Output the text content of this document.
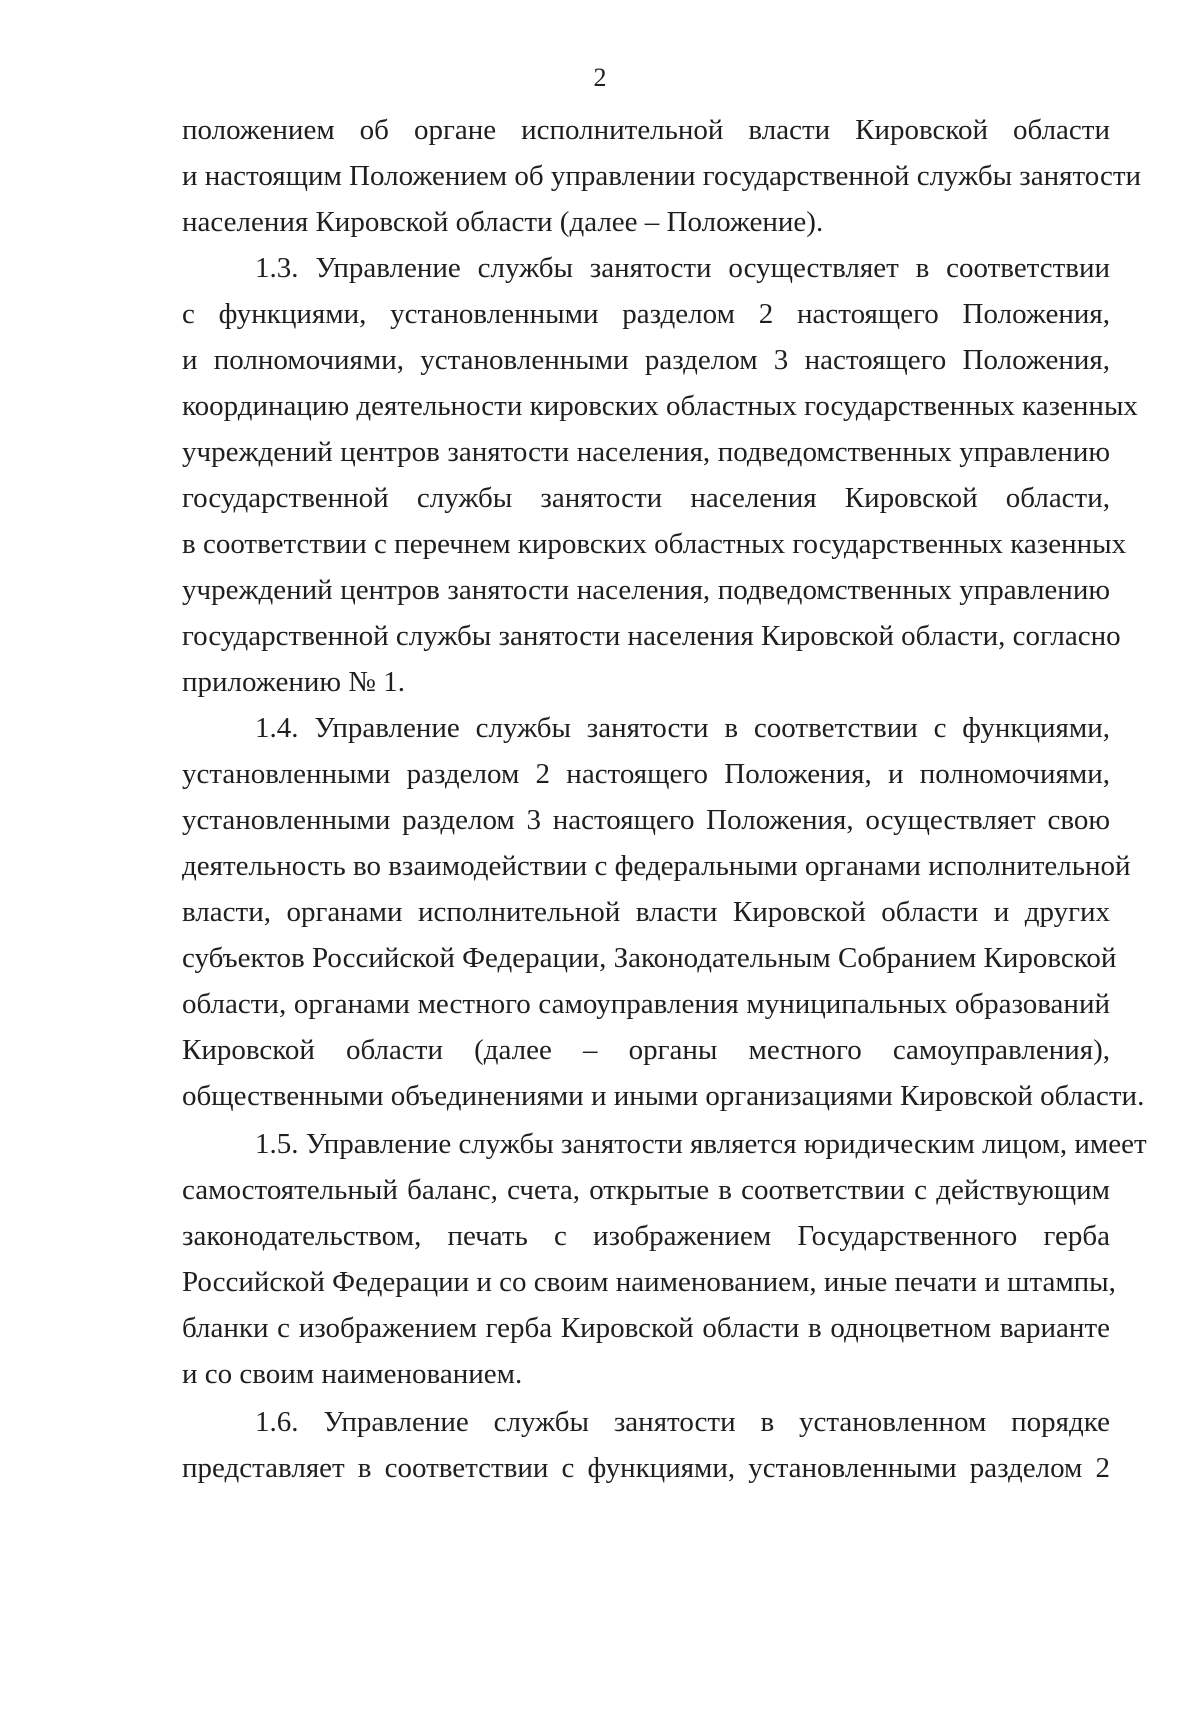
2
положением об органе исполнительной власти Кировской области
и настоящим Положением об управлении государственной службы занятости
населения Кировской области (далее – Положение).
1.3. Управление службы занятости осуществляет в соответствии
с функциями, установленными разделом 2 настоящего Положения,
и полномочиями, установленными разделом 3 настоящего Положения,
координацию деятельности кировских областных государственных казенных
учреждений центров занятости населения, подведомственных управлению
государственной службы занятости населения Кировской области,
в соответствии с перечнем кировских областных государственных казенных
учреждений центров занятости населения, подведомственных управлению
государственной службы занятости населения Кировской области, согласно
приложению № 1.
1.4. Управление службы занятости в соответствии с функциями,
установленными разделом 2 настоящего Положения, и полномочиями,
установленными разделом 3 настоящего Положения, осуществляет свою
деятельность во взаимодействии с федеральными органами исполнительной
власти, органами исполнительной власти Кировской области и других
субъектов Российской Федерации, Законодательным Собранием Кировской
области, органами местного самоуправления муниципальных образований
Кировской области (далее – органы местного самоуправления),
общественными объединениями и иными организациями Кировской области.
1.5. Управление службы занятости является юридическим лицом, имеет
самостоятельный баланс, счета, открытые в соответствии с действующим
законодательством, печать с изображением Государственного герба
Российской Федерации и со своим наименованием, иные печати и штампы,
бланки с изображением герба Кировской области в одноцветном варианте
и со своим наименованием.
1.6. Управление службы занятости в установленном порядке
представляет в соответствии с функциями, установленными разделом 2
